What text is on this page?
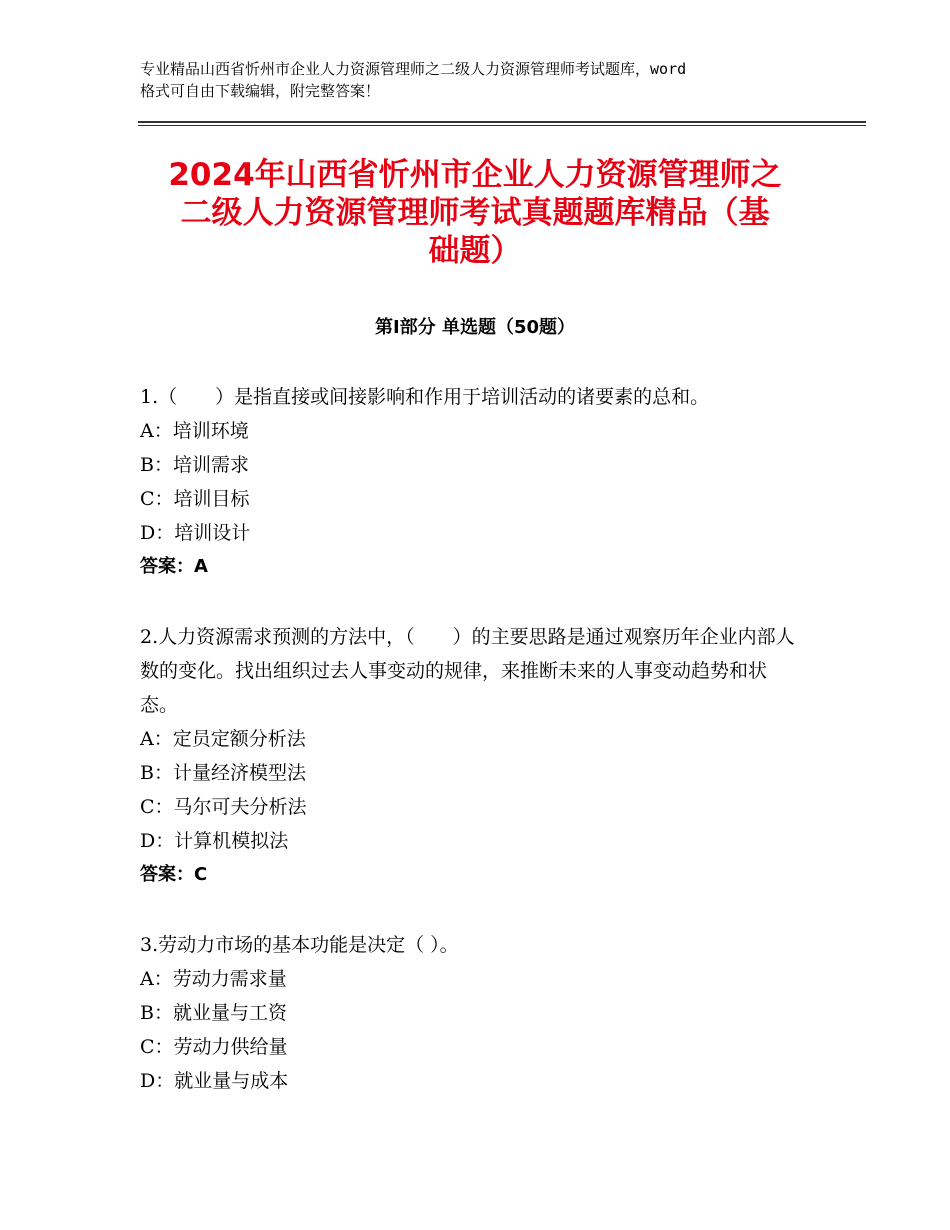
专业精品山西省忻州市企业人力资源管理师之二级人力资源管理师考试题库，word
格式可自由下载编辑，附完整答案！
2024年山西省忻州市企业人力资源管理师之
二级人力资源管理师考试真题题库精品（基
础题）
第Ⅰ部分 单选题（50题）
1.（　　）是指直接或间接影响和作用于培训活动的诸要素的总和。
A：培训环境
B：培训需求
C：培训目标
D：培训设计
答案：A
2.人力资源需求预测的方法中，（　　）的主要思路是通过观察历年企业内部人数的变化。找出组织过去人事变动的规律，来推断未来的人事变动趋势和状态。
A：定员定额分析法
B：计量经济模型法
C：马尔可夫分析法
D：计算机模拟法
答案：C
3.劳动力市场的基本功能是决定（ ）。
A：劳动力需求量
B：就业量与工资
C：劳动力供给量
D：就业量与成本
